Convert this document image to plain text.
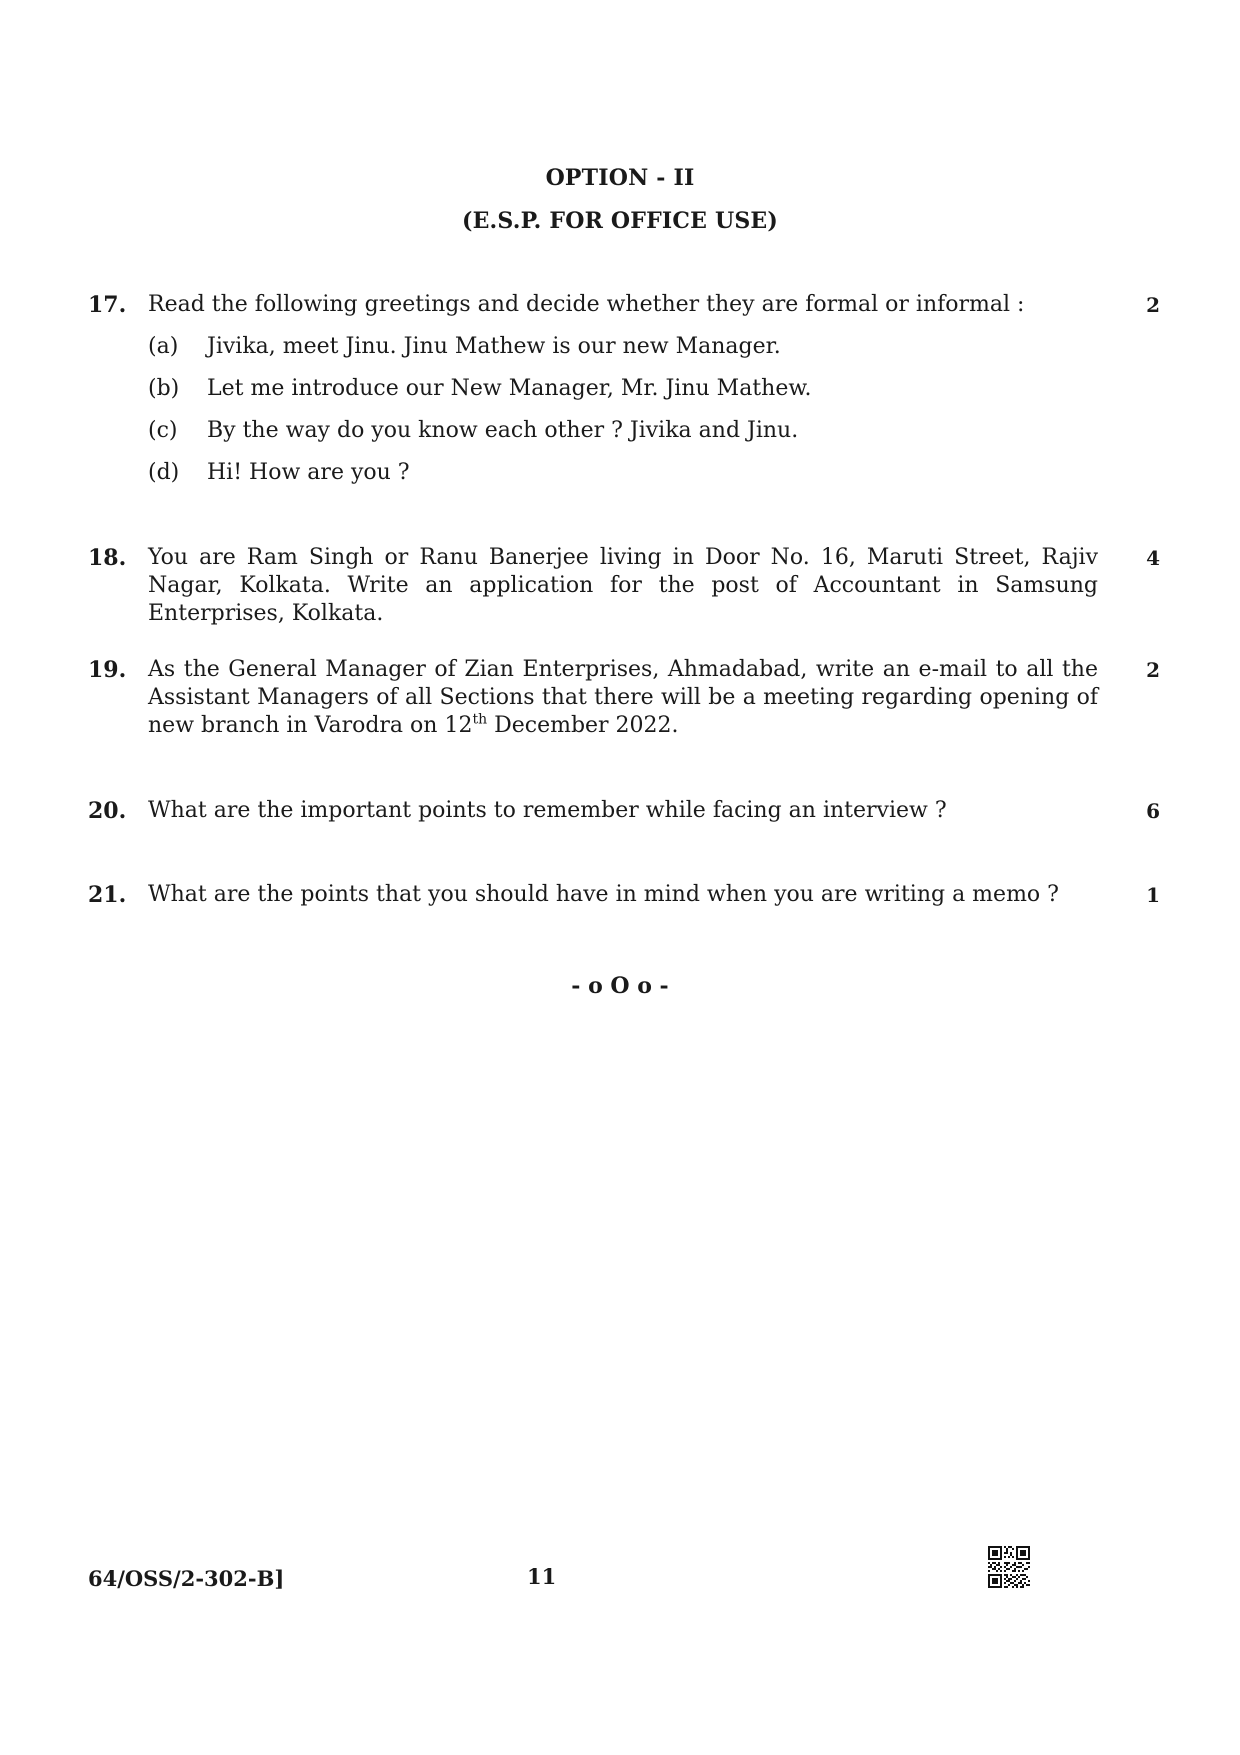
OPTION - II
(E.S.P. FOR OFFICE USE)
17. Read the following greetings and decide whether they are formal or informal :	2
(a) Jivika, meet Jinu. Jinu Mathew is our new Manager.
(b) Let me introduce our New Manager, Mr. Jinu Mathew.
(c) By the way do you know each other ? Jivika and Jinu.
(d) Hi! How are you ?
18. You are Ram Singh or Ranu Banerjee living in Door No. 16, Maruti Street, Rajiv Nagar, Kolkata. Write an application for the post of Accountant in Samsung Enterprises, Kolkata.
4
19. As the General Manager of Zian Enterprises, Ahmadabad, write an e-mail to all the Assistant Managers of all Sections that there will be a meeting regarding opening of new branch in Varodra on 12th December 2022.
2
20. What are the important points to remember while facing an interview ?	6
21. What are the points that you should have in mind when you are writing a memo ?	1
- o O o -
64/OSS/2-302-B]	11
